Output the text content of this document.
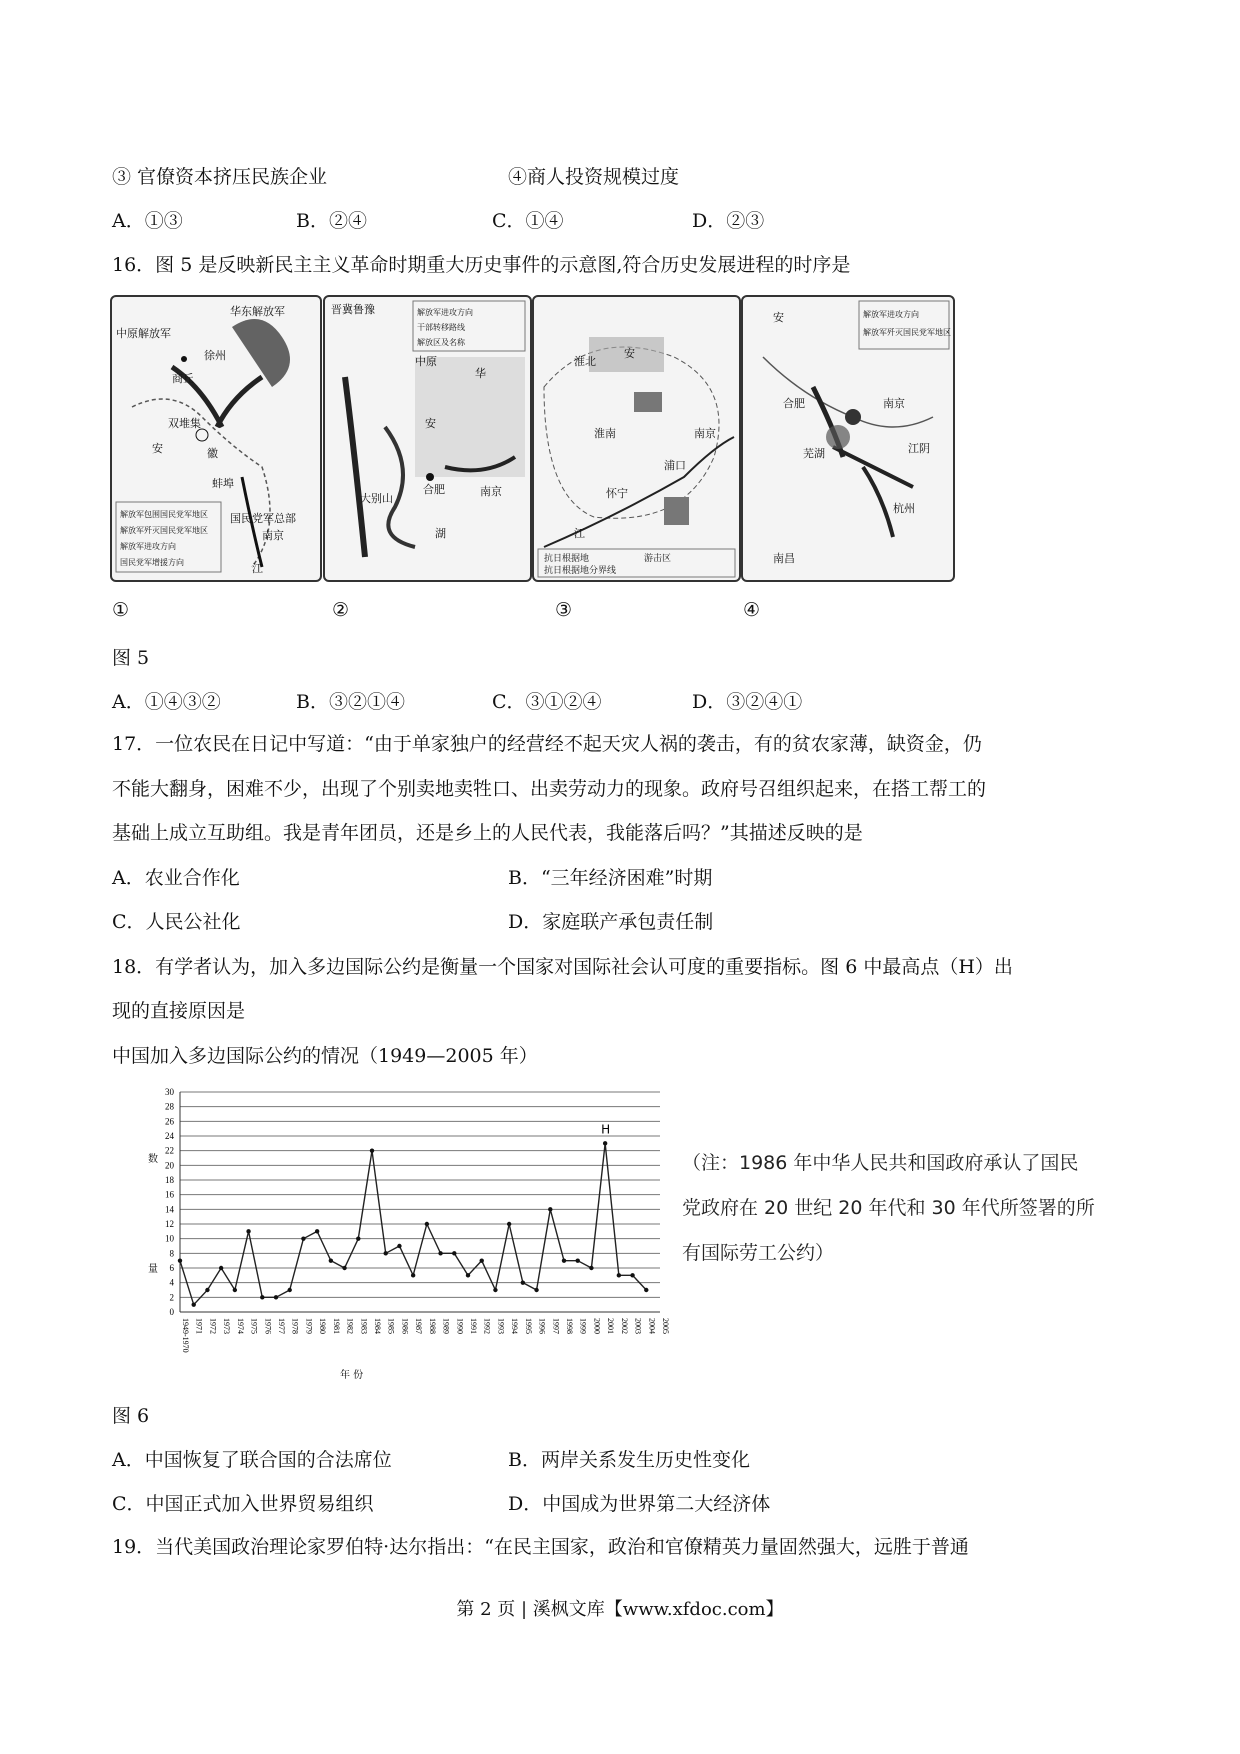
③ 官僚资本挤压民族企业	④商人投资规模过度
A．①③	B．②④	C．①④	D．②③
16．图 5 是反映新民主主义革命时期重大历史事件的示意图,符合历史发展进程的时序是
华东解放军
中原解放军
商丘
徐州
双堆集
安	徽
蚌埠
国民党军总部
南京
江
解放军包围国民党军地区
解放军歼灭国民党军地区
解放军进攻方向
国民党军增援方向
晋冀鲁豫
中原
华
安
合肥	南京
大别山
湖
解放军进攻方向
干部转移路线
解放区及名称
淮北
安
淮南	南京
浦口
江
怀宁
抗日根据地	游击区
抗日根据地分界线
安
合肥	南京
江阴
芜湖
杭州
南昌
解放军进攻方向
解放军歼灭国民党军地区
①	②	③	④
图 5
A．①④③②	B．③②①④	C．③①②④	D．③②④①
17．一位农民在日记中写道：“由于单家独户的经营经不起天灾人祸的袭击，有的贫农家薄，缺资金，仍
不能大翻身，困难不少，出现了个别卖地卖牲口、出卖劳动力的现象。政府号召组织起来，在搭工帮工的
基础上成立互助组。我是青年团员，还是乡上的人民代表，我能落后吗？”其描述反映的是
A．农业合作化	B．“三年经济困难”时期
C．人民公社化	D．家庭联产承包责任制
18．有学者认为，加入多边国际公约是衡量一个国家对国际社会认可度的重要指标。图 6 中最高点（H）出
现的直接原因是
中国加入多边国际公约的情况（1949—2005 年）
0
2
4
6
8
10
12
14
16
18
20
22
24
26
28
30
1949-1970 1971 1972 1973 1974 1975 1976 1977 1978 1979 1980 1981 1982 1983 1984 1985 1986 1987 1988 1989 1990 1991 1992 1993 1994 1995 1996 1997 1998 1999 2000 2001 2002 2003 2004 2005
数
量
年 份
H
（注：1986 年中华人民共和国政府承认了国民
党政府在 20 世纪 20 年代和 30 年代所签署的所
有国际劳工公约）
图 6
A．中国恢复了联合国的合法席位	B．两岸关系发生历史性变化
C．中国正式加入世界贸易组织	D．中国成为世界第二大经济体
19．当代美国政治理论家罗伯特·达尔指出：“在民主国家，政治和官僚精英力量固然强大，远胜于普通
第 2 页 | 溪枫文库【www.xfdoc.com】
